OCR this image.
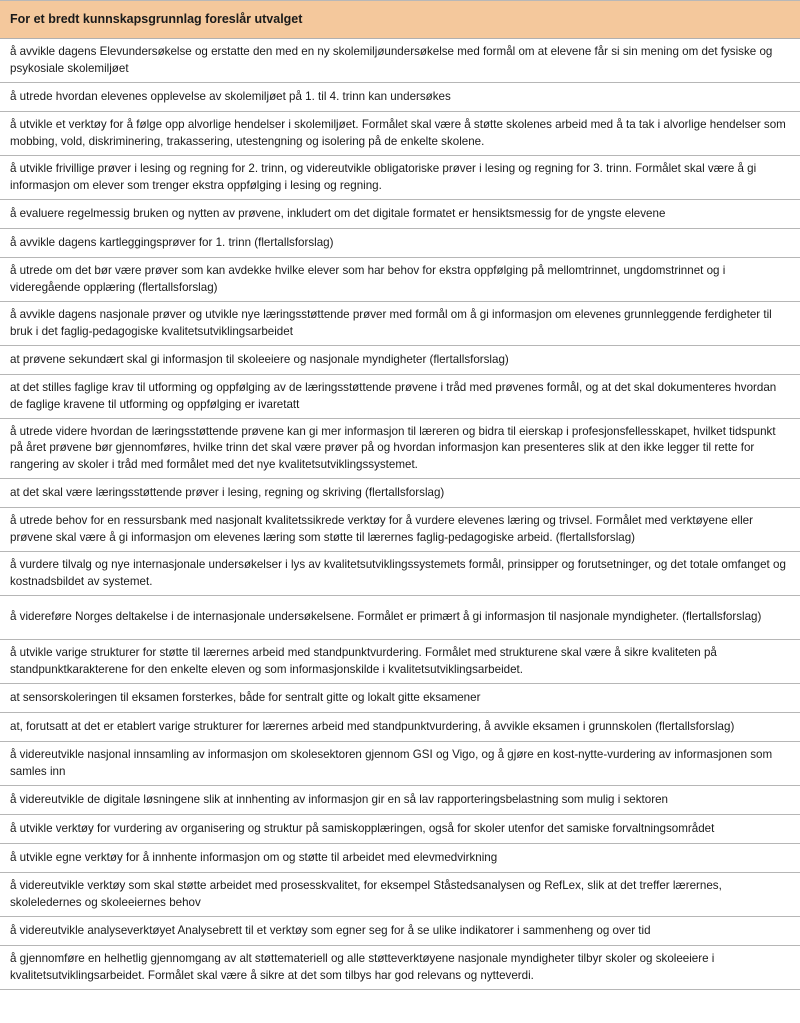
For et bredt kunnskapsgrunnlag foreslår utvalget
å avvikle dagens Elevundersøkelse og erstatte den med en ny skolemiljøundersøkelse med formål om at elevene får si sin mening om det fysiske og psykosiale skolemiljøet
å utrede hvordan elevenes opplevelse av skolemiljøet på 1. til 4. trinn kan undersøkes
å utvikle et verktøy for å følge opp alvorlige hendelser i skolemiljøet. Formålet skal være å støtte skolenes arbeid med å ta tak i alvorlige hendelser som mobbing, vold, diskriminering, trakassering, utestengning og isolering på de enkelte skolene.
å utvikle frivillige prøver i lesing og regning for 2. trinn, og videreutvikle obligatoriske prøver i lesing og regning for 3. trinn. Formålet skal være å gi informasjon om elever som trenger ekstra oppfølging i lesing og regning.
å evaluere regelmessig bruken og nytten av prøvene, inkludert om det digitale formatet er hensiktsmessig for de yngste elevene
å avvikle dagens kartleggingsprøver for 1. trinn (flertallsforslag)
å utrede om det bør være prøver som kan avdekke hvilke elever som har behov for ekstra oppfølging på mellomtrinnet, ungdomstrinnet og i videregående opplæring (flertallsforslag)
å avvikle dagens nasjonale prøver og utvikle nye læringsstøttende prøver med formål om å gi informasjon om elevenes grunnleggende ferdigheter til bruk i det faglig-pedagogiske kvalitetsutviklingsarbeidet
at prøvene sekundært skal gi informasjon til skoleeiere og nasjonale myndigheter (flertallsforslag)
at det stilles faglige krav til utforming og oppfølging av de læringsstøttende prøvene i tråd med prøvenes formål, og at det skal dokumenteres hvordan de faglige kravene til utforming og oppfølging er ivaretatt
å utrede videre hvordan de læringsstøttende prøvene kan gi mer informasjon til læreren og bidra til eierskap i profesjonsfellesskapet, hvilket tidspunkt på året prøvene bør gjennomføres, hvilke trinn det skal være prøver på og hvordan informasjon kan presenteres slik at den ikke legger til rette for rangering av skoler i tråd med formålet med det nye kvalitetsutviklingssystemet.
at det skal være læringsstøttende prøver i lesing, regning og skriving (flertallsforslag)
å utrede behov for en ressursbank med nasjonalt kvalitetssikrede verktøy for å vurdere elevenes læring og trivsel. Formålet med verktøyene eller prøvene skal være å gi informasjon om elevenes læring som støtte til lærernes faglig-pedagogiske arbeid. (flertallsforslag)
å vurdere tilvalg og nye internasjonale undersøkelser i lys av kvalitetsutviklingssystemets formål, prinsipper og forutsetninger, og det totale omfanget og kostnadsbildet av systemet.
å videreføre Norges deltakelse i de internasjonale undersøkelsene. Formålet er primært å gi informasjon til nasjonale myndigheter. (flertallsforslag)
å utvikle varige strukturer for støtte til lærernes arbeid med standpunktvurdering. Formålet med strukturene skal være å sikre kvaliteten på standpunktkarakterene for den enkelte eleven og som informasjonskilde i kvalitetsutviklingsarbeidet.
at sensorskoleringen til eksamen forsterkes, både for sentralt gitte og lokalt gitte eksamener
at, forutsatt at det er etablert varige strukturer for lærernes arbeid med standpunktvurdering, å avvikle eksamen i grunnskolen (flertallsforslag)
å videreutvikle nasjonal innsamling av informasjon om skolesektoren gjennom GSI og Vigo, og å gjøre en kost-nytte-vurdering av informasjonen som samles inn
å videreutvikle de digitale løsningene slik at innhenting av informasjon gir en så lav rapporteringsbelastning som mulig i sektoren
å utvikle verktøy for vurdering av organisering og struktur på samiskopplæringen, også for skoler utenfor det samiske forvaltningsområdet
å utvikle egne verktøy for å innhente informasjon om og støtte til arbeidet med elevmedvirkning
å videreutvikle verktøy som skal støtte arbeidet med prosesskvalitet, for eksempel Ståstedsanalysen og RefLex, slik at det treffer lærernes, skoleledernes og skoleeiernes behov
å videreutvikle analyseverktøyet Analysebrett til et verktøy som egner seg for å se ulike indikatorer i sammenheng og over tid
å gjennomføre en helhetlig gjennomgang av alt støttemateriell og alle støtteverktøyene nasjonale myndigheter tilbyr skoler og skoleeiere i kvalitetsutviklingsarbeidet. Formålet skal være å sikre at det som tilbys har god relevans og nytteverdi.
